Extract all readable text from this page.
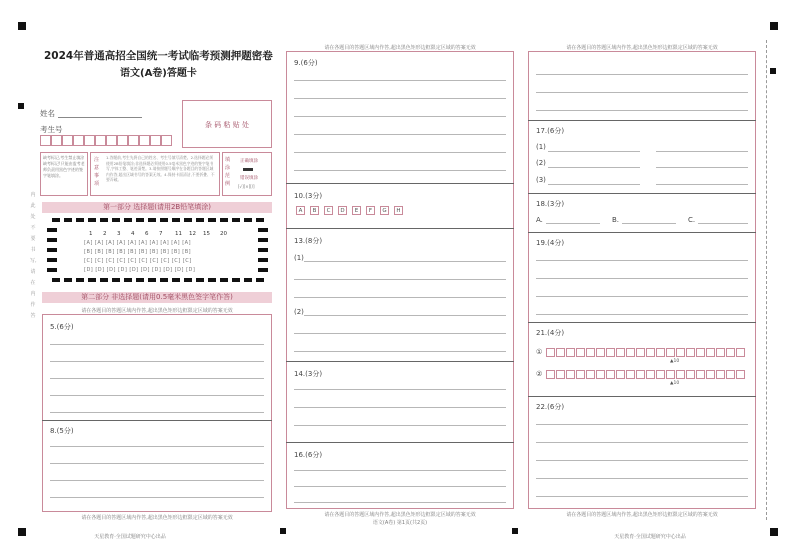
2024年普通高招全国统一考试临考预测押题密卷
语文(A卷)答题卡
姓名
考生号	条 码 粘 贴 处
缺考标记,考生禁止填涂缺考标记!只能由监考老师负责用黑色字迹的签字笔填涂。
注意事项
1.答题前,考生先将自己的姓名、考生号填写清楚。2.选择题必须使用2B铅笔填涂;非选择题必须使用0.5毫米黑色字迹的签字笔书写,字体工整、笔迹清楚。3.请按照题号顺序在各题目的答题区域内作答,超出区域书写的答案无效。4.保持卡面清洁,不要折叠、不要弄破。
填涂范例
正确填涂
错误填涂
[√][×][/]
内此处不要书写,请在内作答
第一部分 选择题(请用2B铅笔填涂)
1 2 3 4 6 7 11 12 15 20
[A] [A] [A] [A] [A] [A] [A] [A] [A] [A]
[B] [B] [B] [B] [B] [B] [B] [B] [B] [B]
[C] [C] [C] [C] [C] [C] [C] [C] [C] [C]
[D] [D] [D] [D] [D] [D] [D] [D] [D] [D]
第二部分 非选择题(请用0.5毫米黑色签字笔作答)
请在各题目的答题区域内作答,超出黑色矩形边框限定区域的答案无效
5.(6分)
8.(5分)
请在各题目的答题区域内作答,超出黑色矩形边框限定区域的答案无效
天星教育·全国试题研究中心出品
请在各题目的答题区域内作答,超出黑色矩形边框限定区域的答案无效
9.(6分)
10.(3分)
A	B	C	D	E	F	G	H
13.(8分)
(1)
(2)
14.(3分)
16.(6分)
请在各题目的答题区域内作答,超出黑色矩形边框限定区域的答案无效
语文(A卷) 第1页(共2页)
请在各题目的答题区域内作答,超出黑色矩形边框限定区域的答案无效
17.(6分)
(1)
(2)
(3)
18.(3分)
A.	B.	C.
19.(4分)
21.(4分)
①
②
▲10
▲10
22.(6分)
请在各题目的答题区域内作答,超出黑色矩形边框限定区域的答案无效
天星教育·全国试题研究中心出品
